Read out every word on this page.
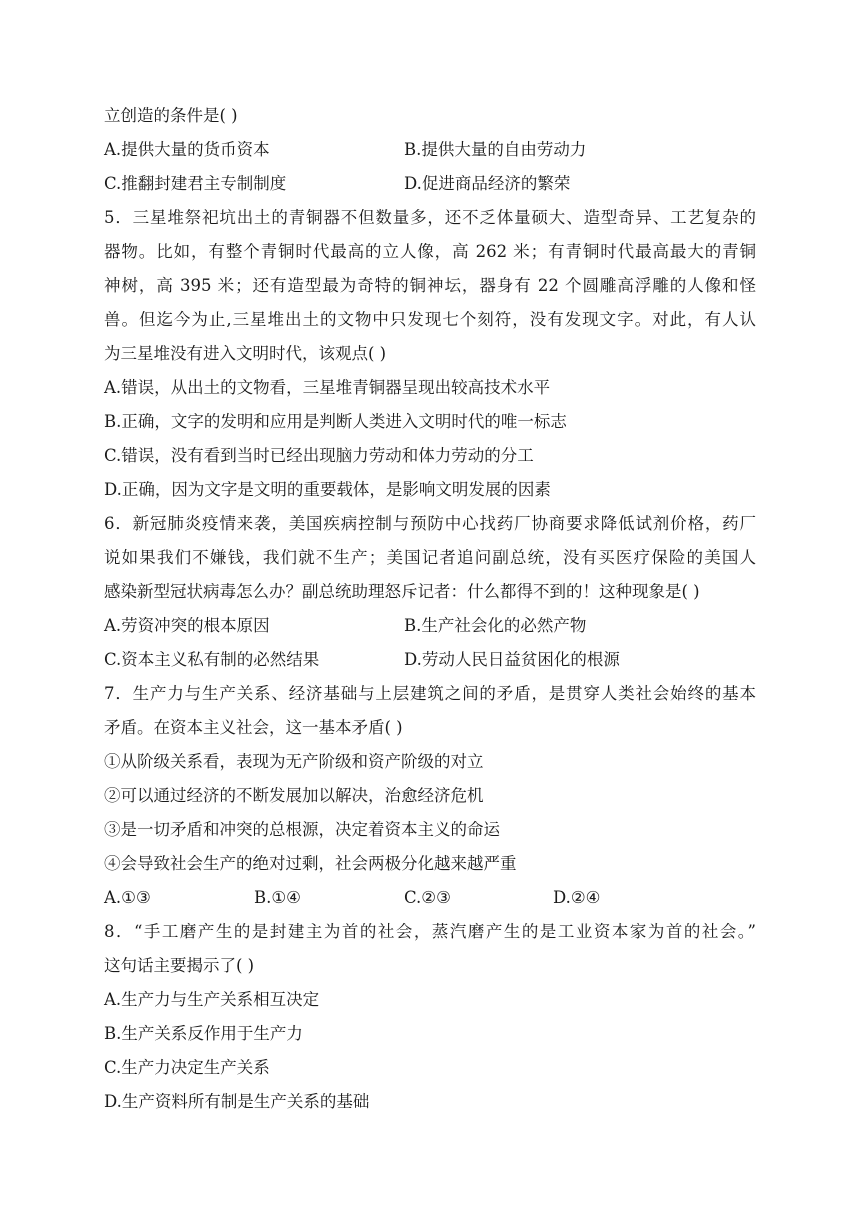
立创造的条件是( )
A.提供大量的货币资本	B.提供大量的自由劳动力
C.推翻封建君主专制制度	D.促进商品经济的繁荣
5．三星堆祭祀坑出土的青铜器不但数量多，还不乏体量硕大、造型奇异、工艺复杂的
器物。比如，有整个青铜时代最高的立人像，高 262 米；有青铜时代最高最大的青铜
神树，高 395 米；还有造型最为奇特的铜神坛，器身有 22 个圆雕高浮雕的人像和怪
兽。但迄今为止,三星堆出土的文物中只发现七个刻符，没有发现文字。对此，有人认
为三星堆没有进入文明时代，该观点( )
A.错误，从出土的文物看，三星堆青铜器呈现出较高技术水平
B.正确，文字的发明和应用是判断人类进入文明时代的唯一标志
C.错误，没有看到当时已经出现脑力劳动和体力劳动的分工
D.正确，因为文字是文明的重要载体，是影响文明发展的因素
6．新冠肺炎疫情来袭，美国疾病控制与预防中心找药厂协商要求降低试剂价格，药厂
说如果我们不嫌钱，我们就不生产；美国记者追问副总统，没有买医疗保险的美国人
感染新型冠状病毒怎么办？副总统助理怒斥记者：什么都得不到的！这种现象是( )
A.劳资冲突的根本原因	B.生产社会化的必然产物
C.资本主义私有制的必然结果	D.劳动人民日益贫困化的根源
7．生产力与生产关系、经济基础与上层建筑之间的矛盾，是贯穿人类社会始终的基本
矛盾。在资本主义社会，这一基本矛盾( )
①从阶级关系看，表现为无产阶级和资产阶级的对立
②可以通过经济的不断发展加以解决，治愈经济危机
③是一切矛盾和冲突的总根源，决定着资本主义的命运
④会导致社会生产的绝对过剩，社会两极分化越来越严重
A.①③	B.①④	C.②③	D.②④
8．“手工磨产生的是封建主为首的社会，蒸汽磨产生的是工业资本家为首的社会。”
这句话主要揭示了( )
A.生产力与生产关系相互决定
B.生产关系反作用于生产力
C.生产力决定生产关系
D.生产资料所有制是生产关系的基础
